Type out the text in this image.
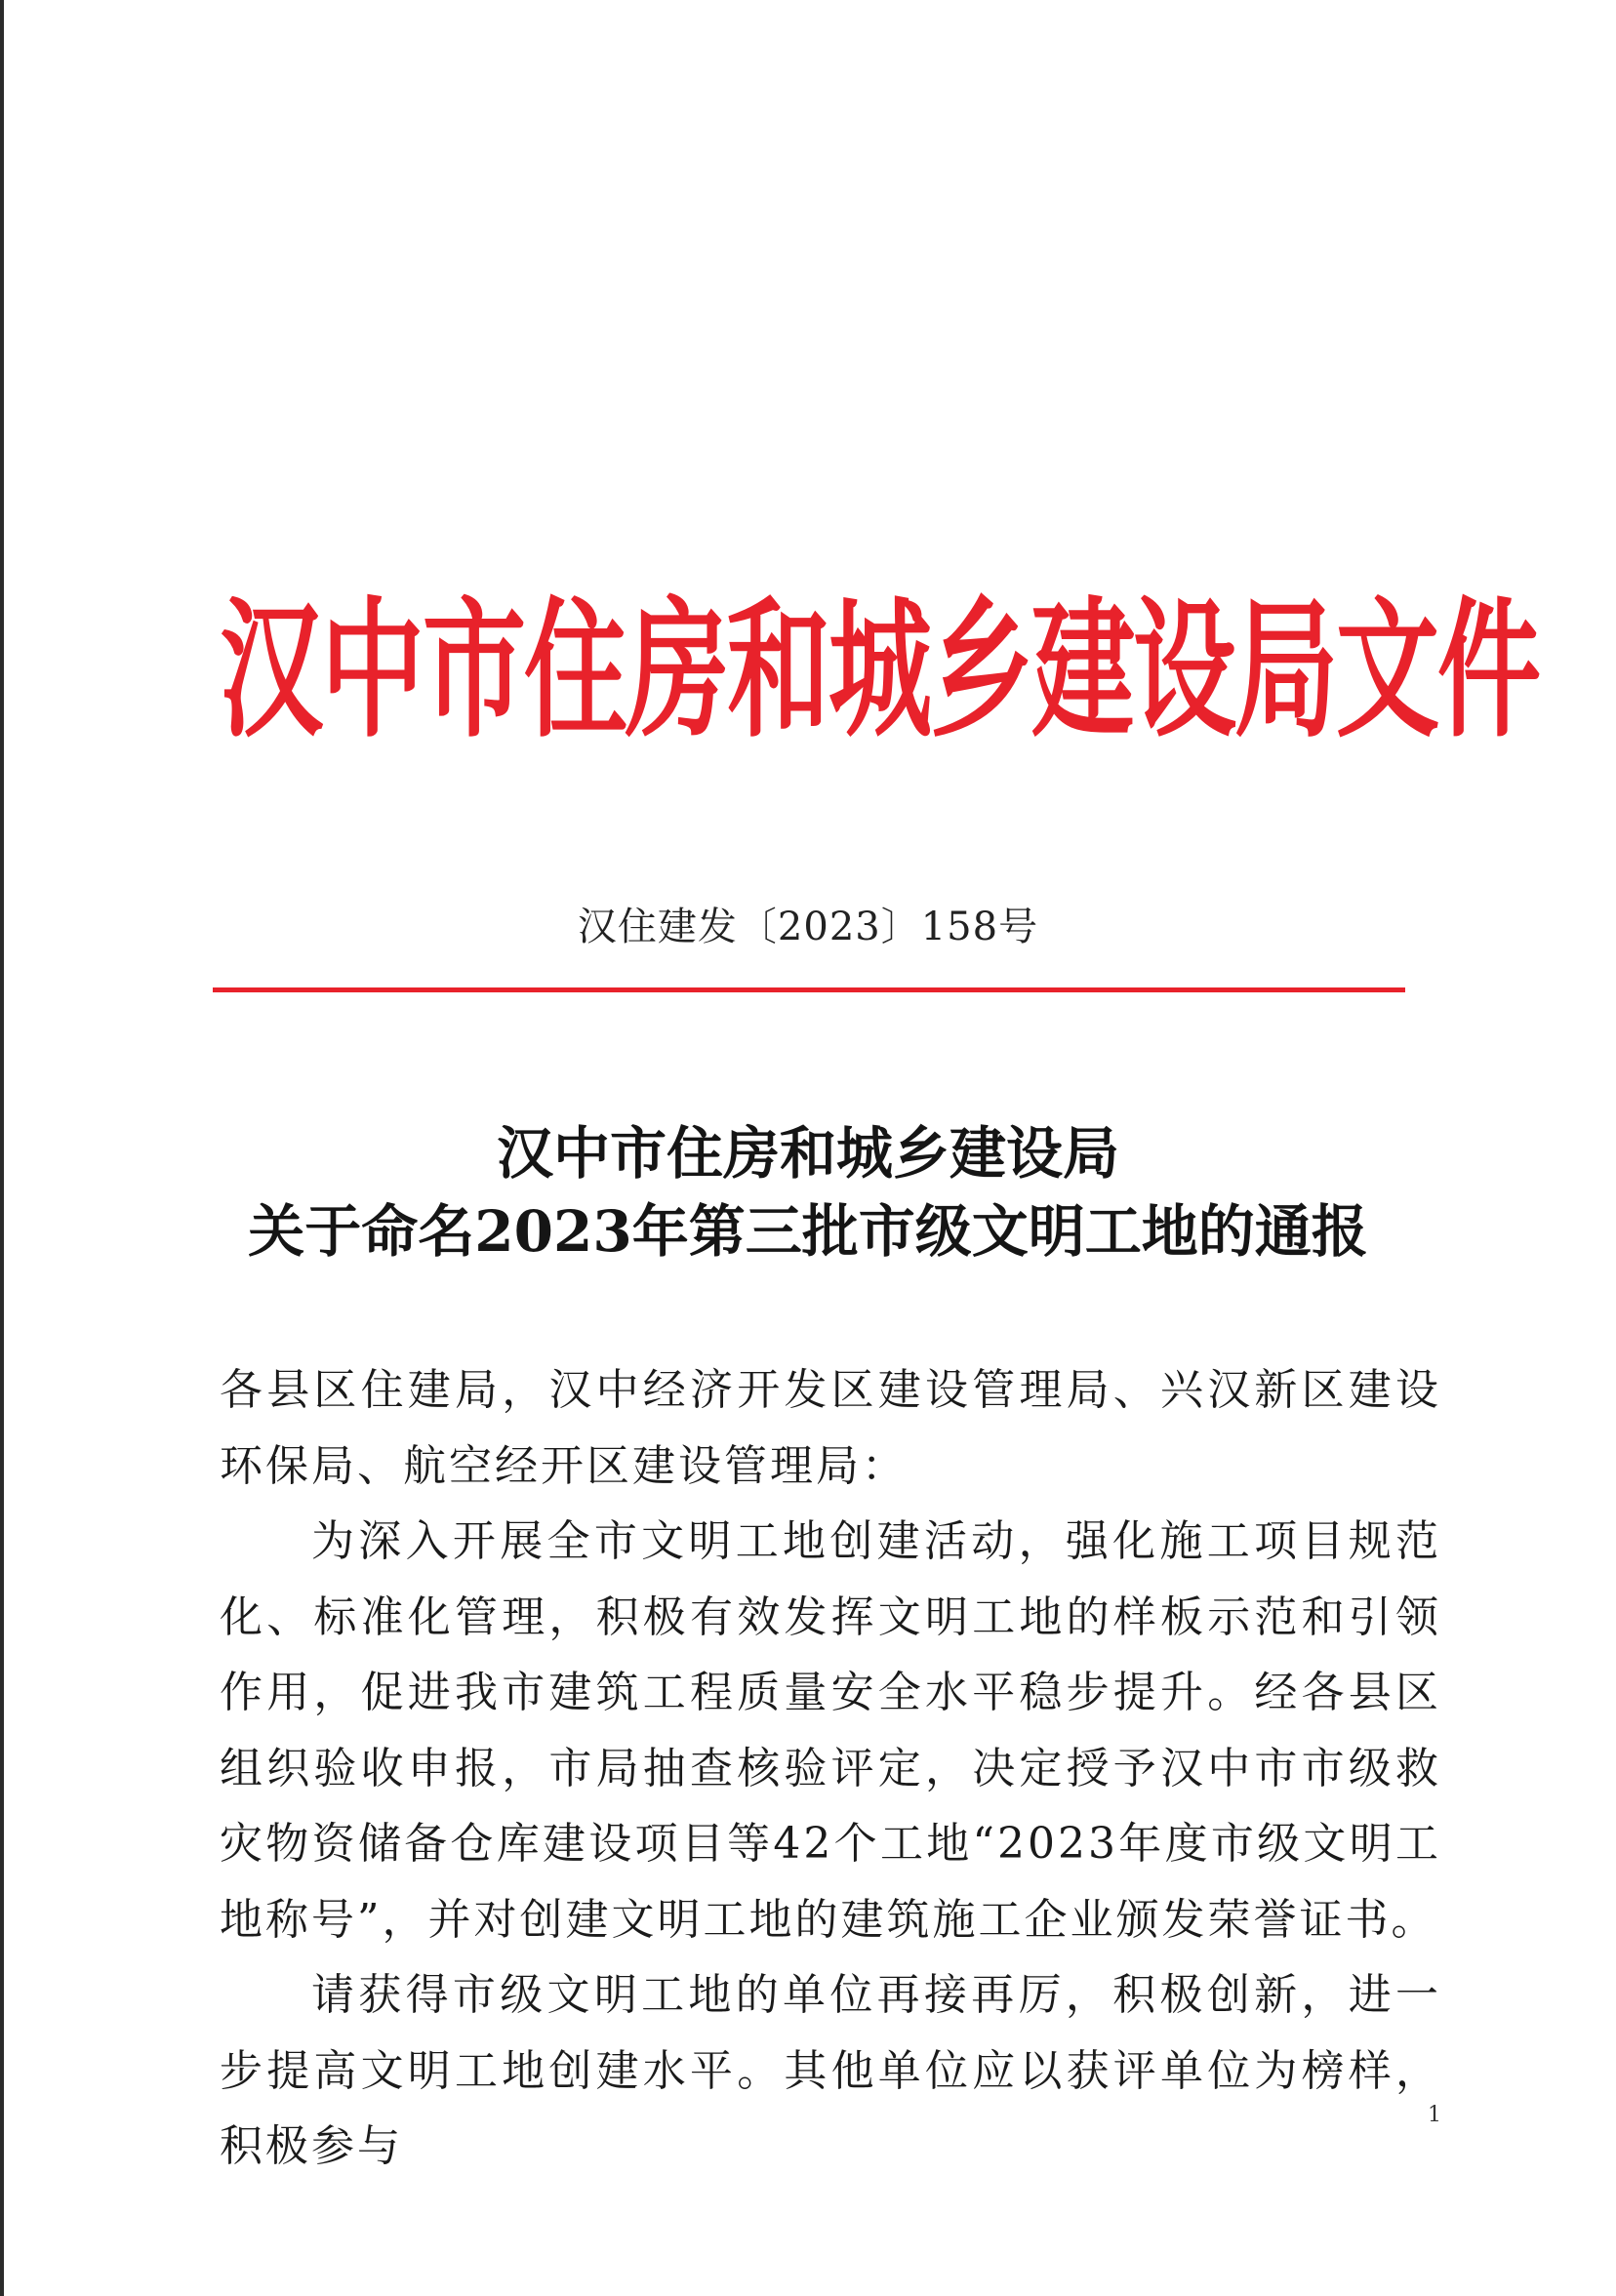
汉中市住房和城乡建设局文件
汉住建发〔2023〕158号
汉中市住房和城乡建设局
关于命名2023年第三批市级文明工地的通报

各县区住建局，汉中经济开发区建设管理局、兴汉新区建设环保局、航空经开区建设管理局：

为深入开展全市文明工地创建活动，强化施工项目规范化、标准化管理，积极有效发挥文明工地的样板示范和引领作用，促进我市建筑工程质量安全水平稳步提升。经各县区组织验收申报，市局抽查核验评定，决定授予汉中市市级救灾物资储备仓库建设项目等42个工地“2023年度市级文明工地称号”，并对创建文明工地的建筑施工企业颁发荣誉证书。

请获得市级文明工地的单位再接再厉，积极创新，进一步提高文明工地创建水平。其他单位应以获评单位为榜样，积极参与

1
